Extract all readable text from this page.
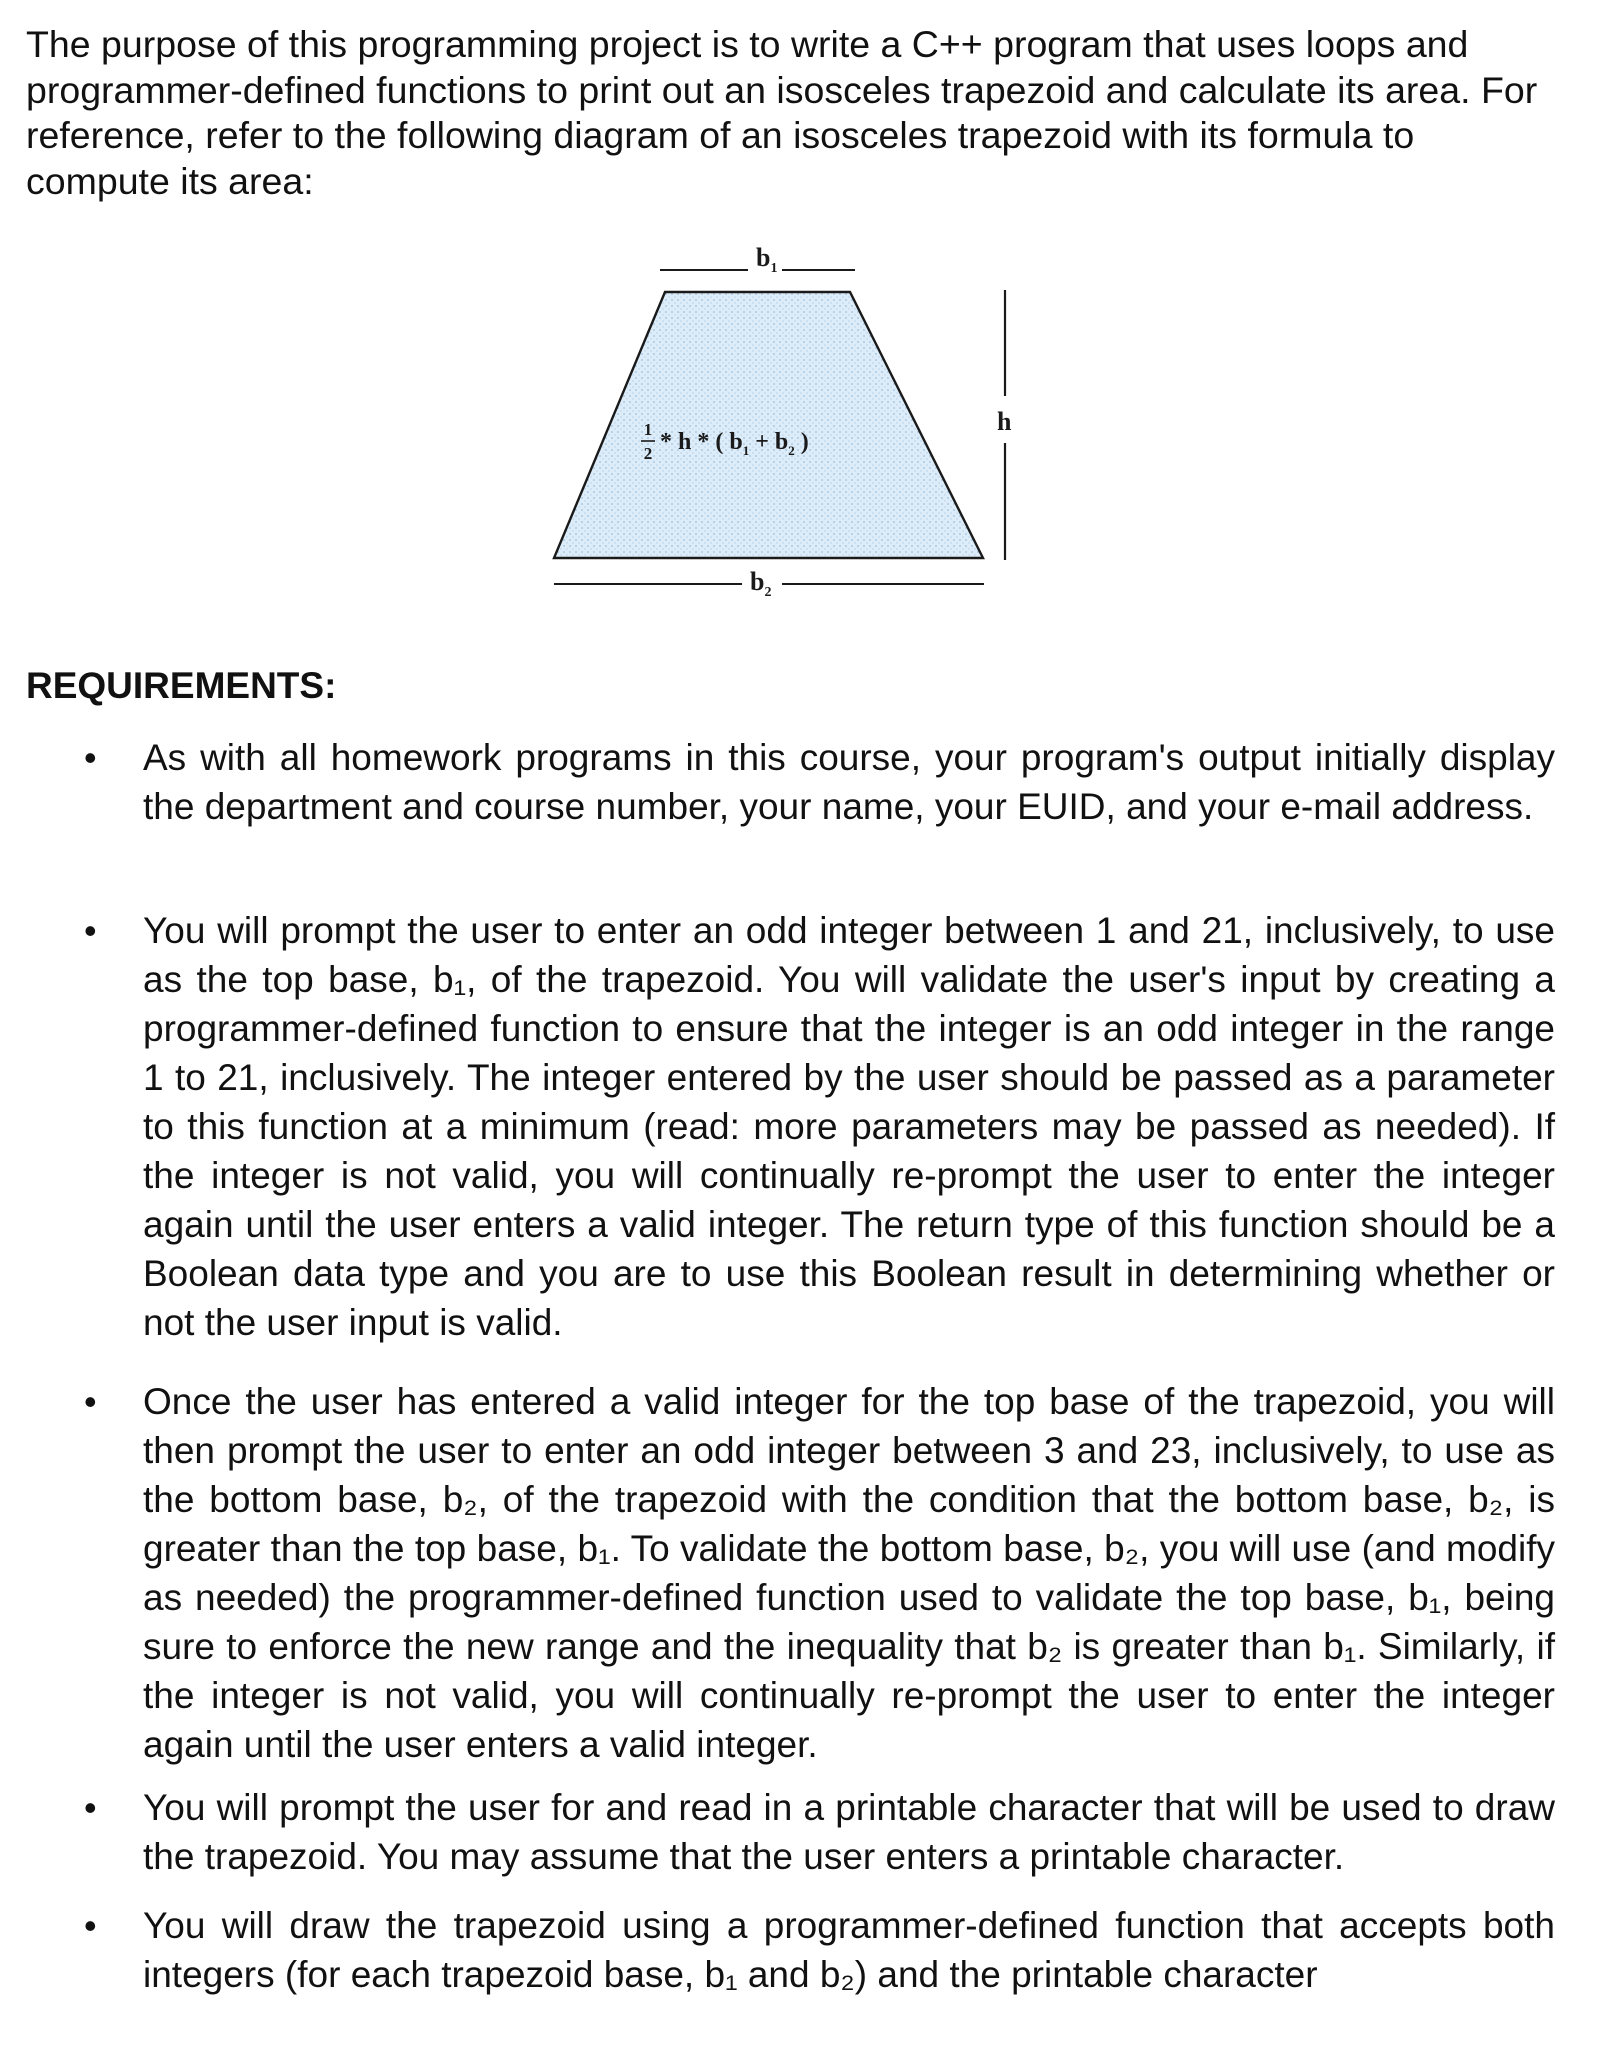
The purpose of this programming project is to write a C++ program that uses loops and programmer-defined functions to print out an isosceles trapezoid and calculate its area. For reference, refer to the following diagram of an isosceles trapezoid with its formula to compute its area:

$b_1$
1
2 * h * ( $b_1 + b_2$ )
h
$b_2$
REQUIREMENTS:
• As with all homework programs in this course, your program's output initially display the department and course number, your name, your EUID, and your e-mail address.
• You will prompt the user to enter an odd integer between 1 and 21, inclusively, to use as the top base, b₁, of the trapezoid. You will validate the user's input by creating a programmer-defined function to ensure that the integer is an odd integer in the range 1 to 21, inclusively. The integer entered by the user should be passed as a parameter to this function at a minimum (read: more parameters may be passed as needed). If the integer is not valid, you will continually re-prompt the user to enter the integer again until the user enters a valid integer. The return type of this function should be a Boolean data type and you are to use this Boolean result in determining whether or not the user input is valid.
• Once the user has entered a valid integer for the top base of the trapezoid, you will then prompt the user to enter an odd integer between 3 and 23, inclusively, to use as the bottom base, b₂, of the trapezoid with the condition that the bottom base, b₂, is greater than the top base, b₁. To validate the bottom base, b₂, you will use (and modify as needed) the programmer-defined function used to validate the top base, b₁, being sure to enforce the new range and the inequality that b₂ is greater than b₁. Similarly, if the integer is not valid, you will continually re-prompt the user to enter the integer again until the user enters a valid integer.
• You will prompt the user for and read in a printable character that will be used to draw the trapezoid. You may assume that the user enters a printable character.
• You will draw the trapezoid using a programmer-defined function that accepts both integers (for each trapezoid base, b₁ and b₂) and the printable character
